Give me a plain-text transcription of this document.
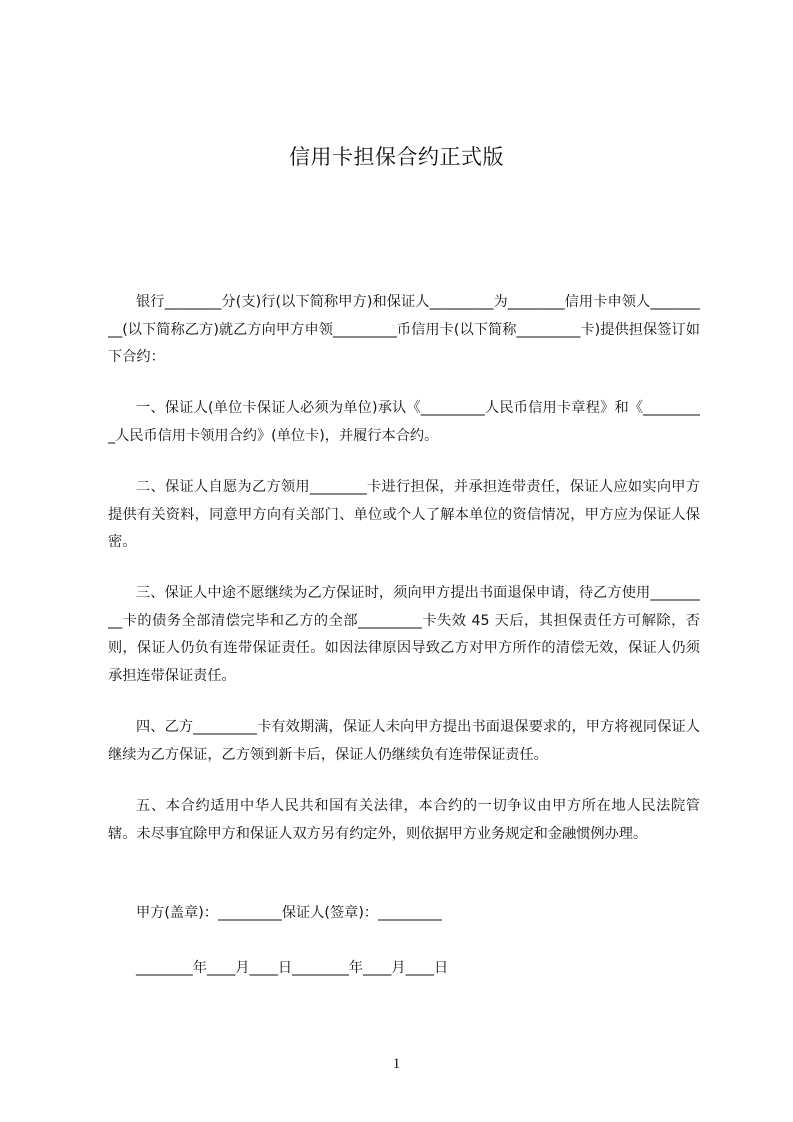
信用卡担保合约正式版

银行________分(支)行(以下简称甲方)和保证人_________为________信用卡申领人_________(以下简称乙方)就乙方向甲方申领_________币信用卡(以下简称_________卡)提供担保签订如下合约：

一、保证人(单位卡保证人必须为单位)承认《_________人民币信用卡章程》和《_________人民币信用卡领用合约》(单位卡)，并履行本合约。

二、保证人自愿为乙方领用________卡进行担保，并承担连带责任，保证人应如实向甲方提供有关资料，同意甲方向有关部门、单位或个人了解本单位的资信情况，甲方应为保证人保密。

三、保证人中途不愿继续为乙方保证时，须向甲方提出书面退保申请，待乙方使用_________卡的债务全部清偿完毕和乙方的全部_________卡失效 45 天后，其担保责任方可解除，否则，保证人仍负有连带保证责任。如因法律原因导致乙方对甲方所作的清偿无效，保证人仍须承担连带保证责任。

四、乙方_________卡有效期满，保证人未向甲方提出书面退保要求的，甲方将视同保证人继续为乙方保证，乙方领到新卡后，保证人仍继续负有连带保证责任。

五、本合约适用中华人民共和国有关法律，本合约的一切争议由甲方所在地人民法院管辖。未尽事宜除甲方和保证人双方另有约定外，则依据甲方业务规定和金融惯例办理。

甲方(盖章)：_________保证人(签章)：_________

________年____月____日________年____月____日

1
